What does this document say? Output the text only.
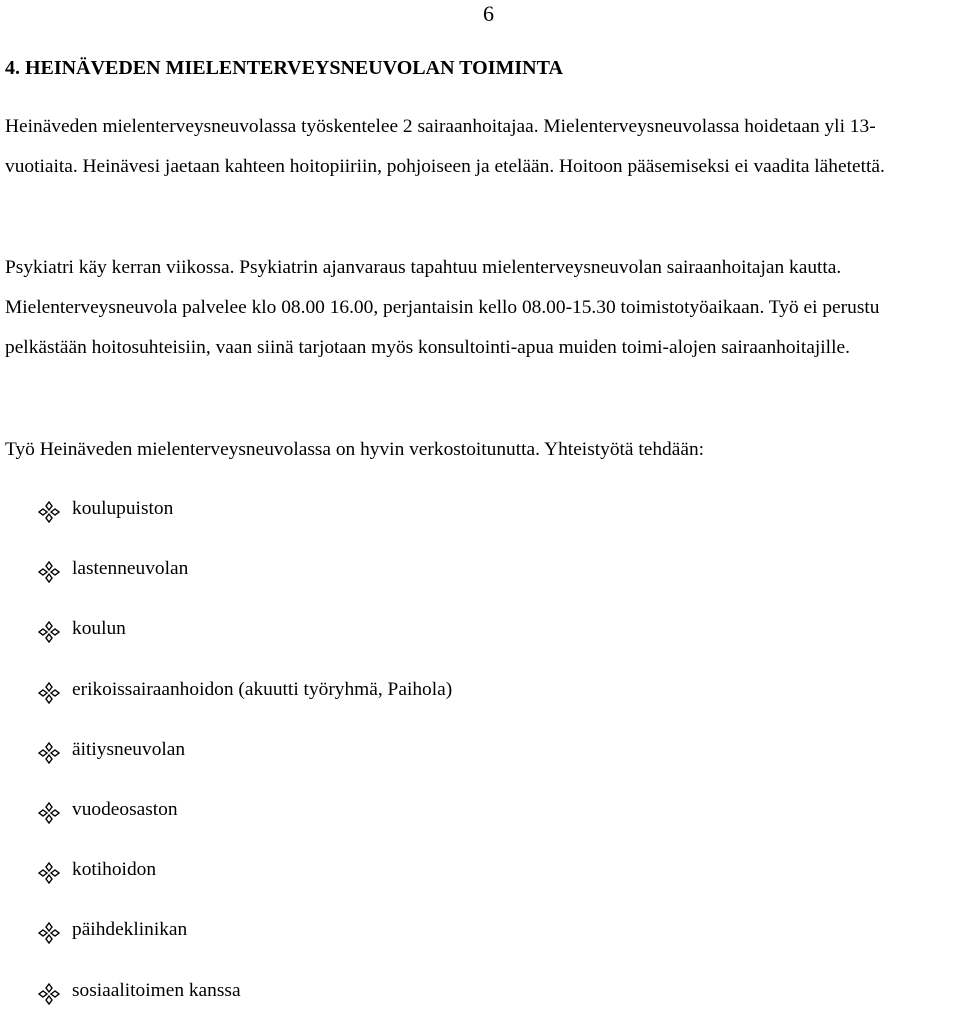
6
4. HEINÄVEDEN MIELENTERVEYSNEUVOLAN TOIMINTA

Heinäveden mielenterveysneuvolassa työskentelee 2 sairaanhoitajaa. Mielenterveysneuvolassa hoidetaan yli 13-vuotiaita. Heinävesi jaetaan kahteen hoitopiiriin, pohjoiseen ja etelään. Hoitoon pääsemiseksi ei vaadita lähetettä.

Psykiatri käy kerran viikossa. Psykiatrin ajanvaraus tapahtuu mielenterveysneuvolan sairaanhoitajan kautta. Mielenterveysneuvola palvelee klo 08.00 16.00, perjantaisin kello 08.00-15.30 toimistotyöaikaan. Työ ei perustu pelkästään hoitosuhteisiin, vaan siinä tarjotaan myös konsultointi-apua muiden toimi-alojen sairaanhoitajille.

Työ Heinäveden mielenterveysneuvolassa on hyvin verkostoitunutta. Yhteistyötä tehdään:

koulupuiston
lastenneuvolan
koulun
erikoissairaanhoidon (akuutti työryhmä, Paihola)
äitiysneuvolan
vuodeosaston
kotihoidon
päihdeklinikan
sosiaalitoimen kanssa
